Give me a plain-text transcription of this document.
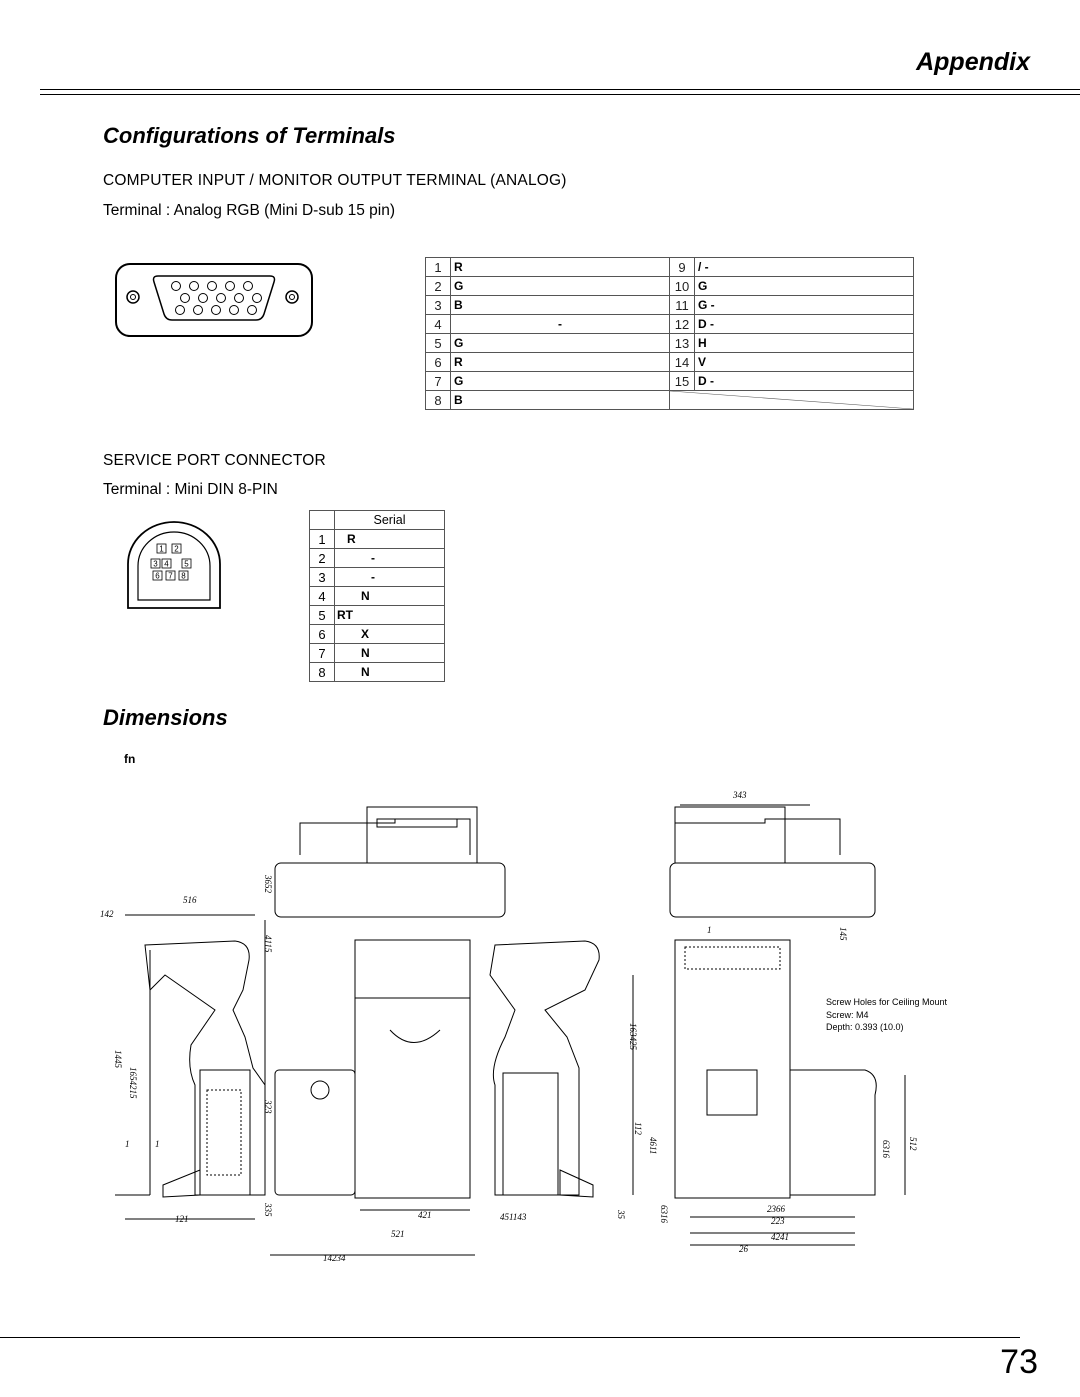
Appendix
Configurations of Terminals
COMPUTER INPUT / MONITOR OUTPUT TERMINAL (ANALOG)
Terminal : Analog RGB (Mini D-sub 15 pin)
1	R	9	/ -
2	G	10	G
3	B	11	G -
4	-	12	D -
5	G	13	H
6	R	14	V
7	G	15	D -
8	B	
SERVICE PORT CONNECTOR
Terminal : Mini DIN 8-PIN
1 2
3 4 5
6 7 8
	Serial
1	R
2	-
3	-
4	N
5	RT
6	X
7	N
8	N
Dimensions
fn
343
516
142
3652
4115
145
1
1445
1654215
1	1
323
163425
112
4611	6316 512
335
121	421	451143	35	6316	2366
223
521	4241
26
14234
Screw Holes for Ceiling Mount
Screw: M4
Depth: 0.393 (10.0)
73
